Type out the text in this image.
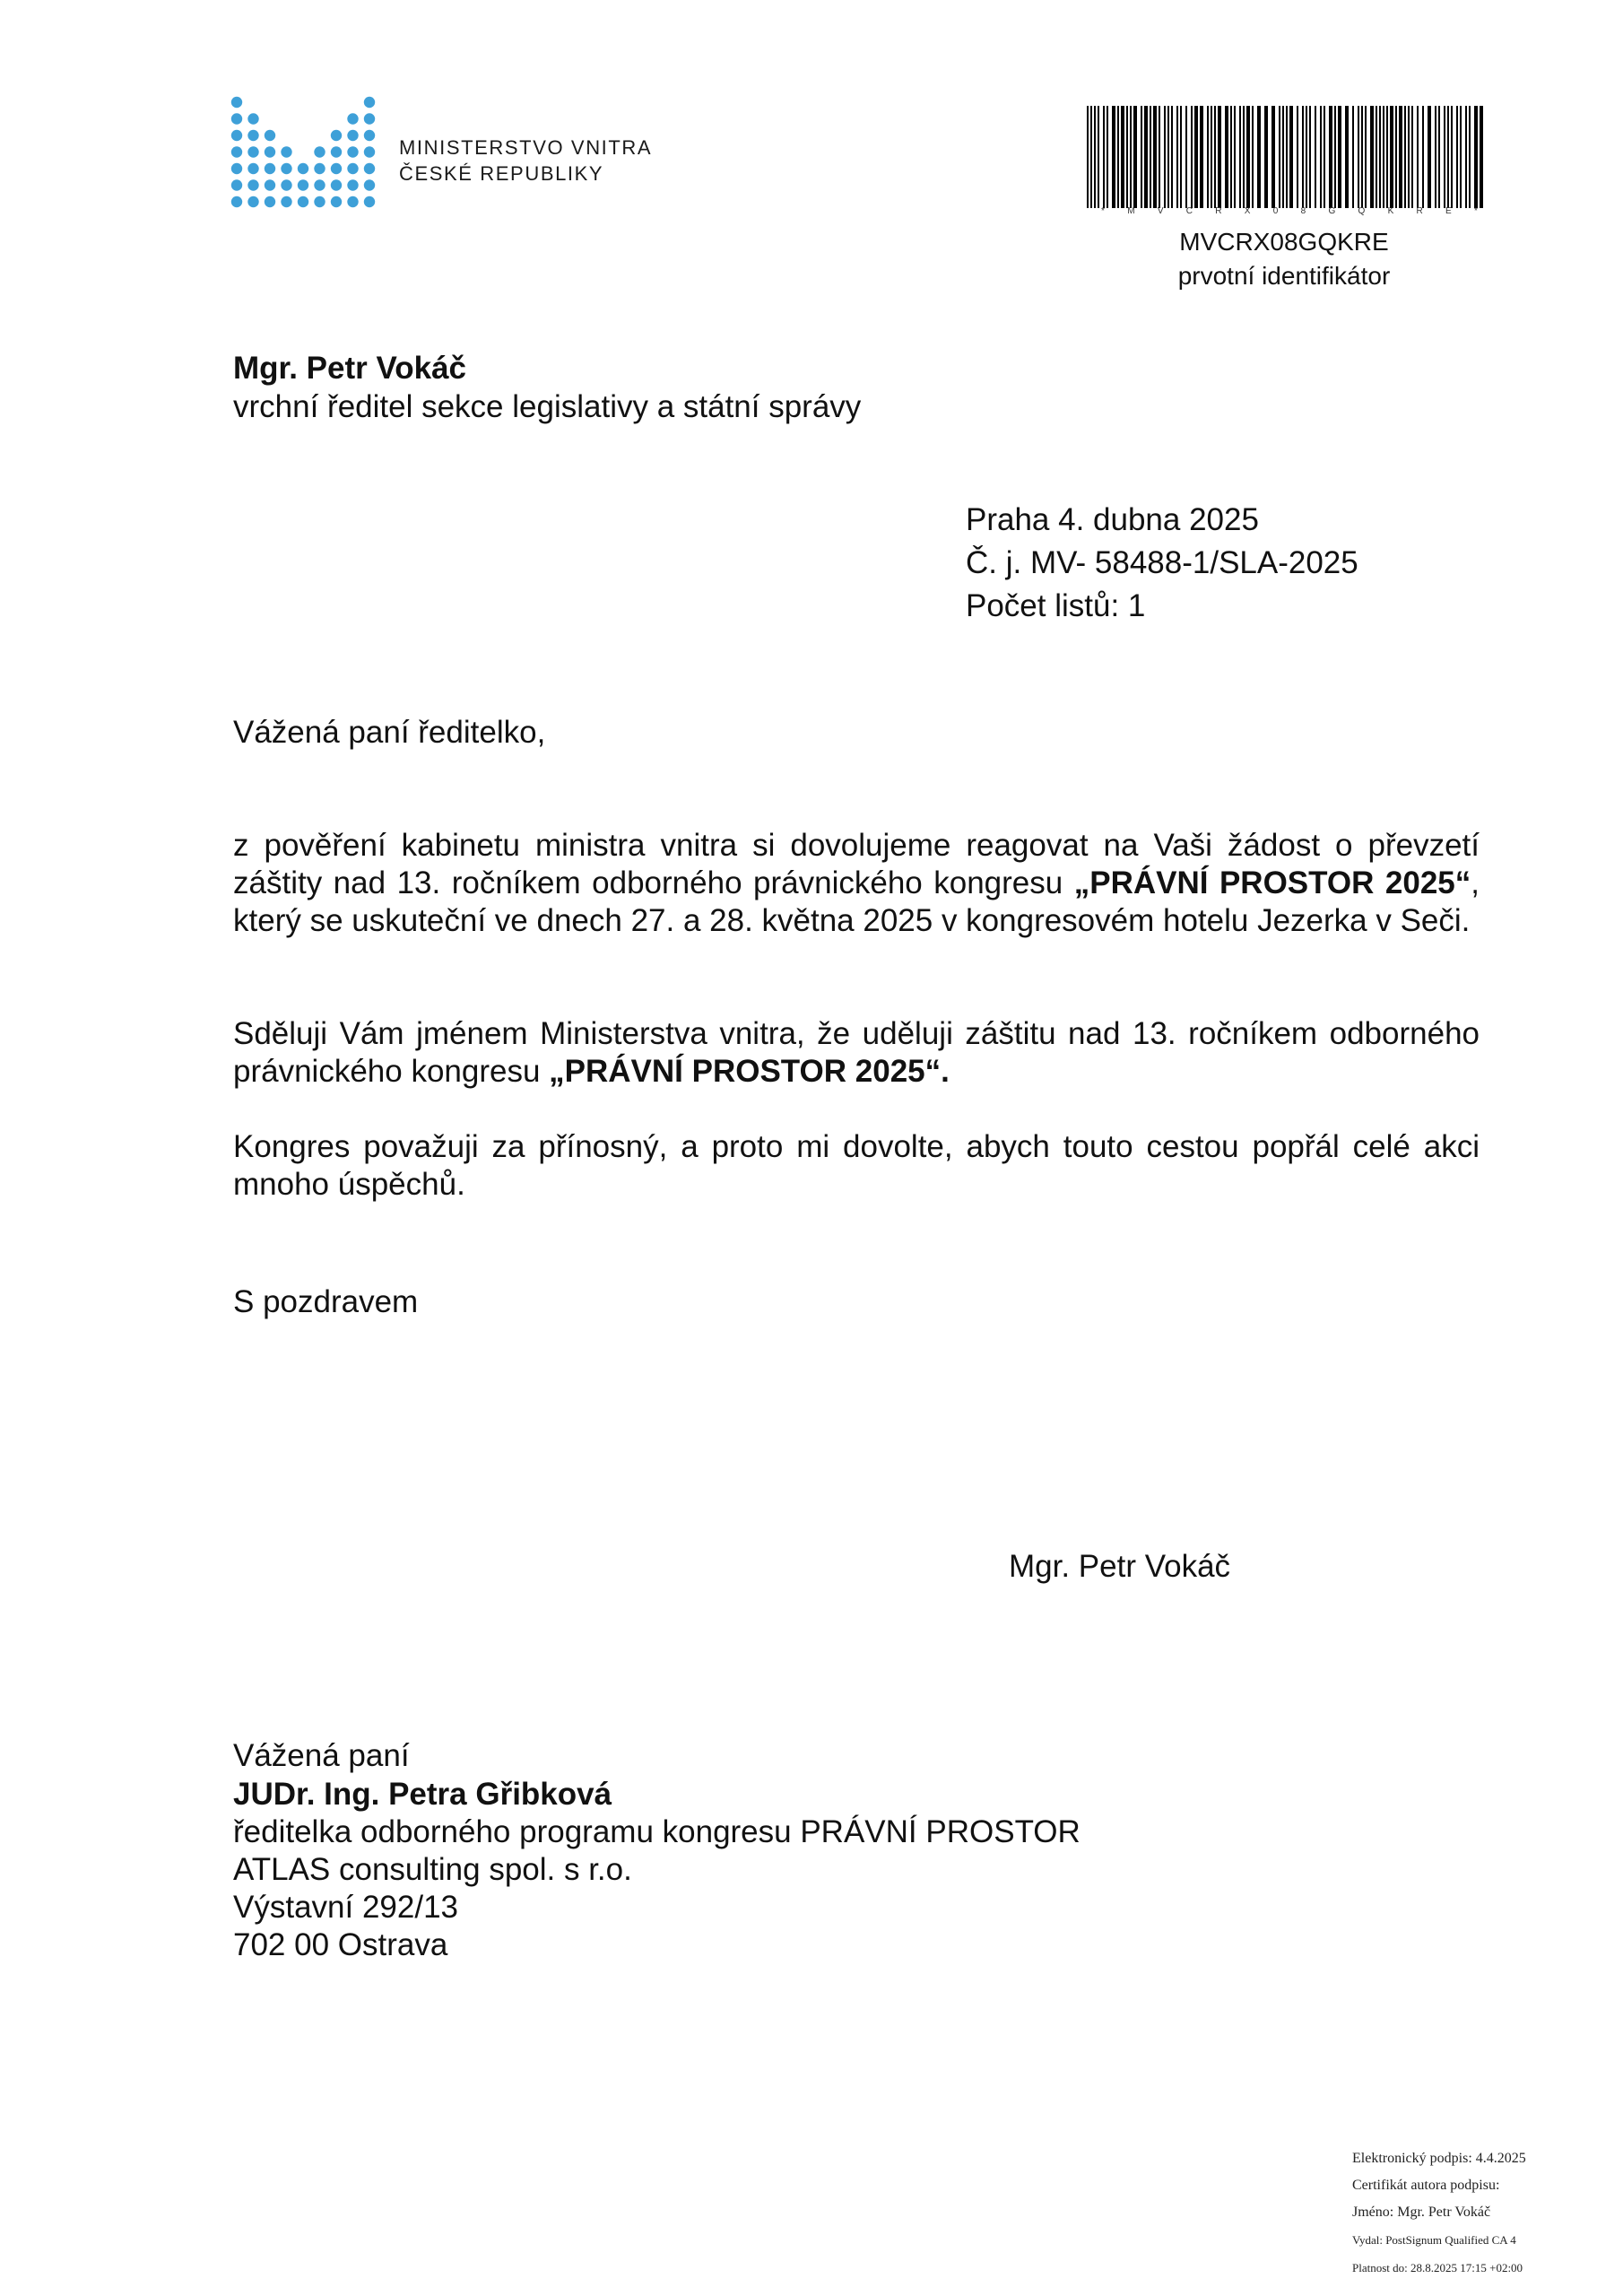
MINISTERSTVO VNITRA
ČESKÉ REPUBLIKY
*	M	V	C	R	X	0	8	G	Q	K	R	E	*
MVCRX08GQKRE
prvotní identifikátor
Mgr. Petr Vokáč
vrchní ředitel sekce legislativy a státní správy
Praha 4. dubna 2025
Č. j. MV- 58488-1/SLA-2025
Počet listů: 1
Vážená paní ředitelko,
z pověření kabinetu ministra vnitra si dovolujeme reagovat na Vaši žádost o převzetí záštity nad 13. ročníkem odborného právnického kongresu „PRÁVNÍ PROSTOR 2025“, který se uskuteční ve dnech 27. a 28. května 2025 v kongresovém hotelu Jezerka v Seči.
Sděluji Vám jménem Ministerstva vnitra, že uděluji záštitu nad 13. ročníkem odborného právnického kongresu „PRÁVNÍ PROSTOR 2025“.
Kongres považuji za přínosný, a proto mi dovolte, abych touto cestou popřál celé akci mnoho úspěchů.
S pozdravem
Mgr. Petr Vokáč
Vážená paní
JUDr. Ing. Petra Gřibková
ředitelka odborného programu kongresu PRÁVNÍ PROSTOR
ATLAS consulting spol. s r.o.
Výstavní 292/13
702 00 Ostrava
Elektronický podpis: 4.4.2025
Certifikát autora podpisu:
Jméno: Mgr. Petr Vokáč
Vydal: PostSignum Qualified CA 4
Platnost do: 28.8.2025 17:15 +02:00
